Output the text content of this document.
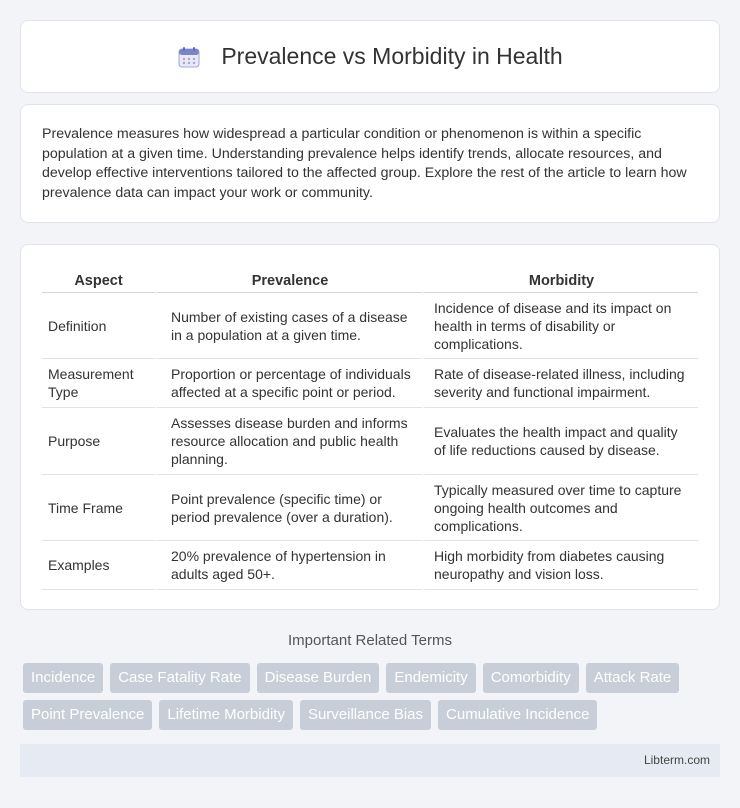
Prevalence vs Morbidity in Health

Prevalence measures how widespread a particular condition or phenomenon is within a specific population at a given time. Understanding prevalence helps identify trends, allocate resources, and develop effective interventions tailored to the affected group. Explore the rest of the article to learn how prevalence data can impact your work or community.

Aspect	Prevalence	Morbidity
Definition	Number of existing cases of a disease in a population at a given time.	Incidence of disease and its impact on health in terms of disability or complications.
Measurement Type	Proportion or percentage of individuals affected at a specific point or period.	Rate of disease-related illness, including severity and functional impairment.
Purpose	Assesses disease burden and informs resource allocation and public health planning.	Evaluates the health impact and quality of life reductions caused by disease.
Time Frame	Point prevalence (specific time) or period prevalence (over a duration).	Typically measured over time to capture ongoing health outcomes and complications.
Examples	20% prevalence of hypertension in adults aged 50+.	High morbidity from diabetes causing neuropathy and vision loss.
Important Related Terms
Incidence	Case Fatality Rate	Disease Burden	Endemicity	Comorbidity	Attack Rate
Point Prevalence	Lifetime Morbidity	Surveillance Bias	Cumulative Incidence
Libterm.com
